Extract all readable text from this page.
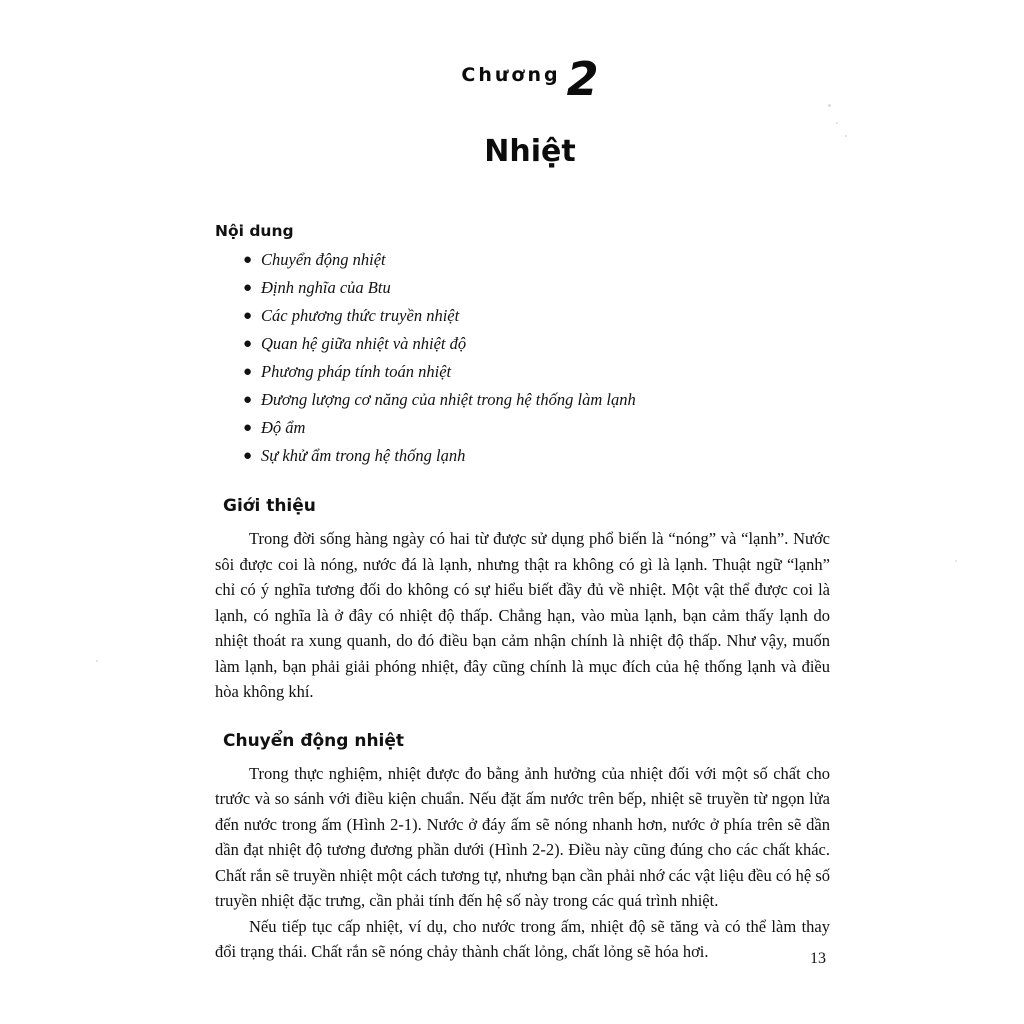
Chương 2
Nhiệt
Nội dung
● Chuyển động nhiệt
● Định nghĩa của Btu
● Các phương thức truyền nhiệt
● Quan hệ giữa nhiệt và nhiệt độ
● Phương pháp tính toán nhiệt
● Đương lượng cơ năng của nhiệt trong hệ thống làm lạnh
● Độ ẩm
● Sự khử ẩm trong hệ thống lạnh
Giới thiệu

Trong đời sống hàng ngày có hai từ được sử dụng phổ biến là “nóng” và “lạnh”. Nước sôi được coi là nóng, nước đá là lạnh, nhưng thật ra không có gì là lạnh. Thuật ngữ “lạnh” chỉ có ý nghĩa tương đối do không có sự hiểu biết đầy đủ về nhiệt. Một vật thể được coi là lạnh, có nghĩa là ở đây có nhiệt độ thấp. Chẳng hạn, vào mùa lạnh, bạn cảm thấy lạnh do nhiệt thoát ra xung quanh, do đó điều bạn cảm nhận chính là nhiệt độ thấp. Như vậy, muốn làm lạnh, bạn phải giải phóng nhiệt, đây cũng chính là mục đích của hệ thống lạnh và điều hòa không khí.

Chuyển động nhiệt

Trong thực nghiệm, nhiệt được đo bằng ảnh hưởng của nhiệt đối với một số chất cho trước và so sánh với điều kiện chuẩn. Nếu đặt ấm nước trên bếp, nhiệt sẽ truyền từ ngọn lửa đến nước trong ấm (Hình 2-1). Nước ở đáy ấm sẽ nóng nhanh hơn, nước ở phía trên sẽ dần dần đạt nhiệt độ tương đương phần dưới (Hình 2-2). Điều này cũng đúng cho các chất khác. Chất rắn sẽ truyền nhiệt một cách tương tự, nhưng bạn cần phải nhớ các vật liệu đều có hệ số truyền nhiệt đặc trưng, cần phải tính đến hệ số này trong các quá trình nhiệt.

Nếu tiếp tục cấp nhiệt, ví dụ, cho nước trong ấm, nhiệt độ sẽ tăng và có thể làm thay đổi trạng thái. Chất rắn sẽ nóng chảy thành chất lỏng, chất lỏng sẽ hóa hơi.	13
